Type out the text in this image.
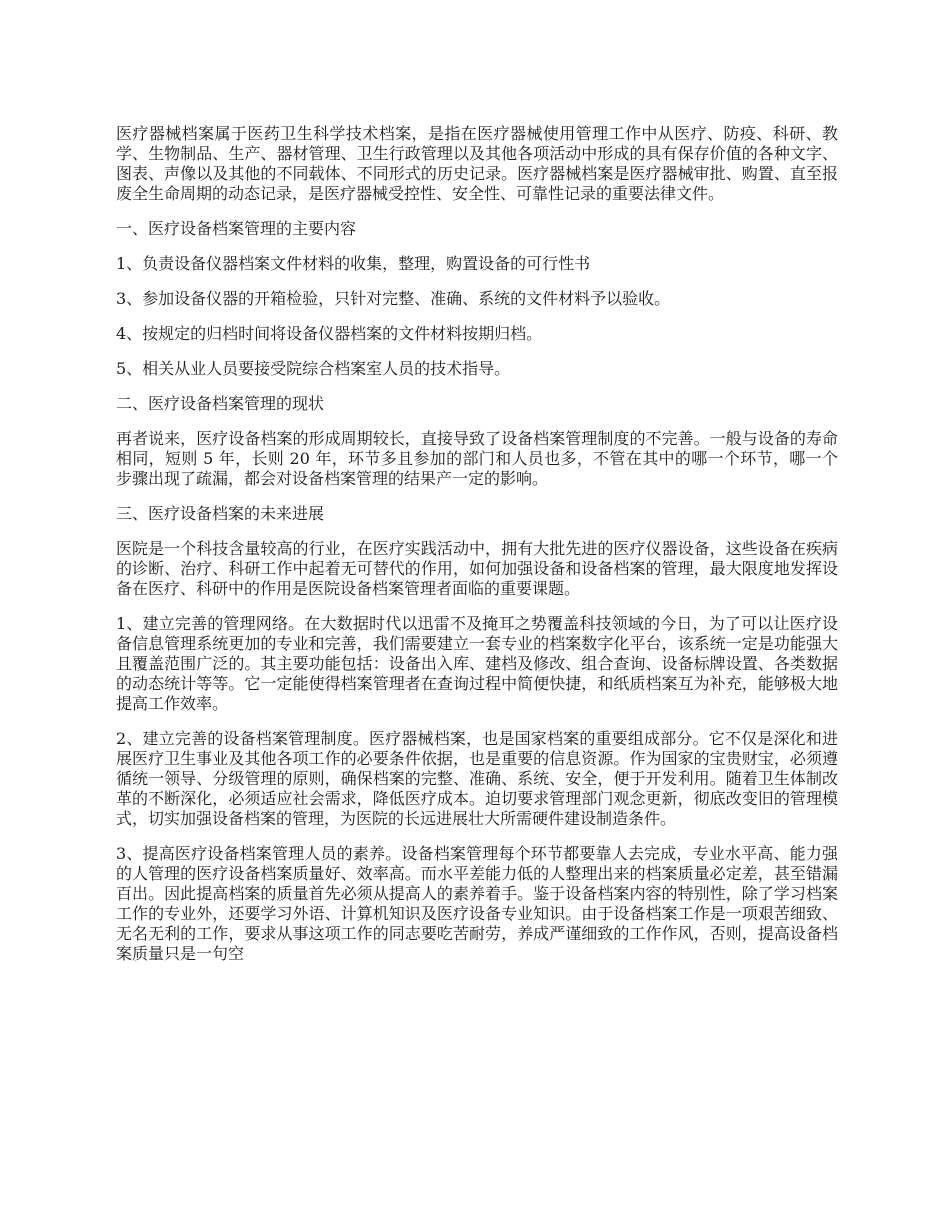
医疗器械档案属于医药卫生科学技术档案，是指在医疗器械使用管理工作中从医疗、防疫、科研、教学、生物制品、生产、器材管理、卫生行政管理以及其他各项活动中形成的具有保存价值的各种文字、图表、声像以及其他的不同载体、不同形式的历史记录。医疗器械档案是医疗器械审批、购置、直至报废全生命周期的动态记录，是医疗器械受控性、安全性、可靠性记录的重要法律文件。

一、医疗设备档案管理的主要内容

1、负责设备仪器档案文件材料的收集，整理，购置设备的可行性书

3、参加设备仪器的开箱检验，只针对完整、准确、系统的文件材料予以验收。

4、按规定的归档时间将设备仪器档案的文件材料按期归档。

5、相关从业人员要接受院综合档案室人员的技术指导。

二、医疗设备档案管理的现状

再者说来，医疗设备档案的形成周期较长，直接导致了设备档案管理制度的不完善。一般与设备的寿命相同，短则 5 年，长则 20 年，环节多且参加的部门和人员也多，不管在其中的哪一个环节，哪一个步骤出现了疏漏，都会对设备档案管理的结果产一定的影响。

三、医疗设备档案的未来进展

医院是一个科技含量较高的行业，在医疗实践活动中，拥有大批先进的医疗仪器设备，这些设备在疾病的诊断、治疗、科研工作中起着无可替代的作用，如何加强设备和设备档案的管理，最大限度地发挥设备在医疗、科研中的作用是医院设备档案管理者面临的重要课题。

1、建立完善的管理网络。在大数据时代以迅雷不及掩耳之势覆盖科技领域的今日，为了可以让医疗设备信息管理系统更加的专业和完善，我们需要建立一套专业的档案数字化平台，该系统一定是功能强大且覆盖范围广泛的。其主要功能包括：设备出入库、建档及修改、组合查询、设备标牌设置、各类数据的动态统计等等。它一定能使得档案管理者在查询过程中简便快捷，和纸质档案互为补充，能够极大地提高工作效率。

2、建立完善的设备档案管理制度。医疗器械档案，也是国家档案的重要组成部分。它不仅是深化和进展医疗卫生事业及其他各项工作的必要条件依据，也是重要的信息资源。作为国家的宝贵财宝，必须遵循统一领导、分级管理的原则，确保档案的完整、准确、系统、安全，便于开发利用。随着卫生体制改革的不断深化，必须适应社会需求，降低医疗成本。迫切要求管理部门观念更新，彻底改变旧的管理模式，切实加强设备档案的管理，为医院的长远进展壮大所需硬件建设制造条件。

3、提高医疗设备档案管理人员的素养。设备档案管理每个环节都要靠人去完成，专业水平高、能力强的人管理的医疗设备档案质量好、效率高。而水平差能力低的人整理出来的档案质量必定差，甚至错漏百出。因此提高档案的质量首先必须从提高人的素养着手。鉴于设备档案内容的特别性，除了学习档案工作的专业外，还要学习外语、计算机知识及医疗设备专业知识。由于设备档案工作是一项艰苦细致、无名无利的工作，要求从事这项工作的同志要吃苦耐劳，养成严谨细致的工作作风，否则，提高设备档案质量只是一句空
